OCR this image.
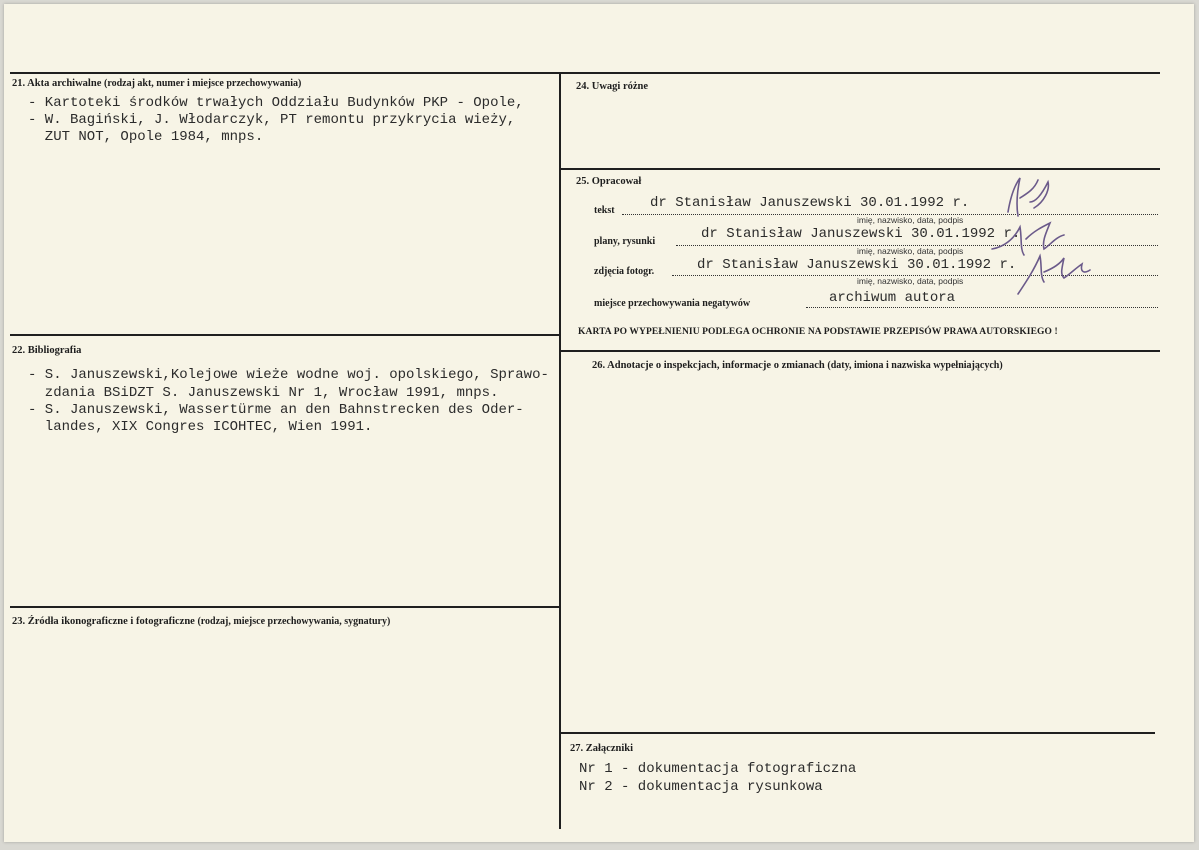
21. Akta archiwalne (rodzaj akt, numer i miejsce przechowywania)
- Kartoteki środków trwałych Oddziału Budynków PKP - Opole,
- W. Bagiński, J. Włodarczyk, PT remontu przykrycia wieży,
ZUT NOT, Opole 1984, mnps.
22. Bibliografia
- S. Januszewski,Kolejowe wieże wodne woj. opolskiego, Sprawo-
zdania BSiDZT S. Januszewski Nr 1, Wrocław 1991, mnps.
- S. Januszewski, Wassertürme an den Bahnstrecken des Oder-
landes, XIX Congres ICOHTEC, Wien 1991.
23. Źródła ikonograficzne i fotograficzne (rodzaj, miejsce przechowywania, sygnatury)
24. Uwagi różne
25. Opracował
tekst	dr Stanisław Januszewski 30.01.1992 r.
imię, nazwisko, data, podpis
plany, rysunki	dr Stanisław Januszewski 30.01.1992 r.
imię, nazwisko, data, podpis
zdjęcia fotogr.	dr Stanisław Januszewski 30.01.1992 r.
imię, nazwisko, data, podpis
miejsce przechowywania negatywów	archiwum autora
KARTA PO WYPEŁNIENIU PODLEGA OCHRONIE NA PODSTAWIE PRZEPISÓW PRAWA AUTORSKIEGO !
26. Adnotacje o inspekcjach, informacje o zmianach (daty, imiona i nazwiska wypełniających)
27. Załączniki
Nr 1 - dokumentacja fotograficzna
Nr 2 - dokumentacja rysunkowa
